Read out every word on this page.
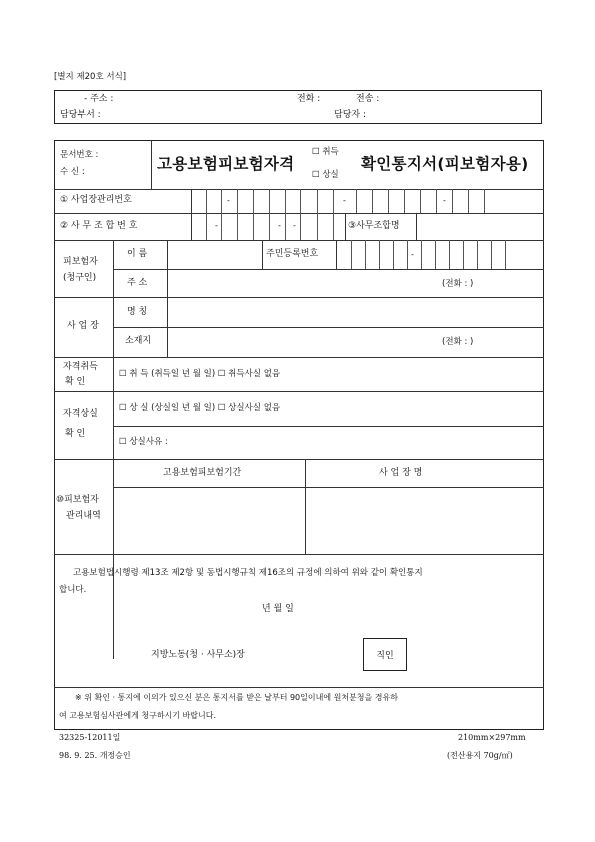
[별지 제20호 서식]
- 주소 :	전화 :	전송 :
담당부서 :	담당자 :
문서번호 :
수 신 :	고용보험피보험자격
☐ 취득
☐ 상실
확인통지서(피보험자용)
① 사업장관리번호	-	-	-
② 사 무 조 합 번 호	-	- -	③사무조합명
피보험자
(청구인)
이 름	주민등록번호	-
주 소	(전화 : )
사 업 장
명 칭
소재지	(전화 : )
자격취득
확 인
☐ 취 득 (취득일 년 월 일) ☐ 취득사실 없음
자격상실
확 인
☐ 상 실 (상실일 년 월 일) ☐ 상실사실 없음
☐ 상실사유 :
⑩피보험자
관리내역
고용보험피보험기간	사 업 장 명
고용보험법시행령 제13조 제2항 및 동법시행규칙 제16조의 규정에 의하여 위와 같이 확인통지
합니다.
년 월 일
지방노동(청 · 사무소)장	직인
※ 위 확인 · 통지에 이의가 있으신 분은 통지서를 받은 날부터 90일이내에 원처분청을 경유하
여 고용보험심사관에게 청구하시기 바랍니다.
32325-12011일
98. 9. 25. 개정승인
210mm×297mm
(전산용지 70g/㎡)
